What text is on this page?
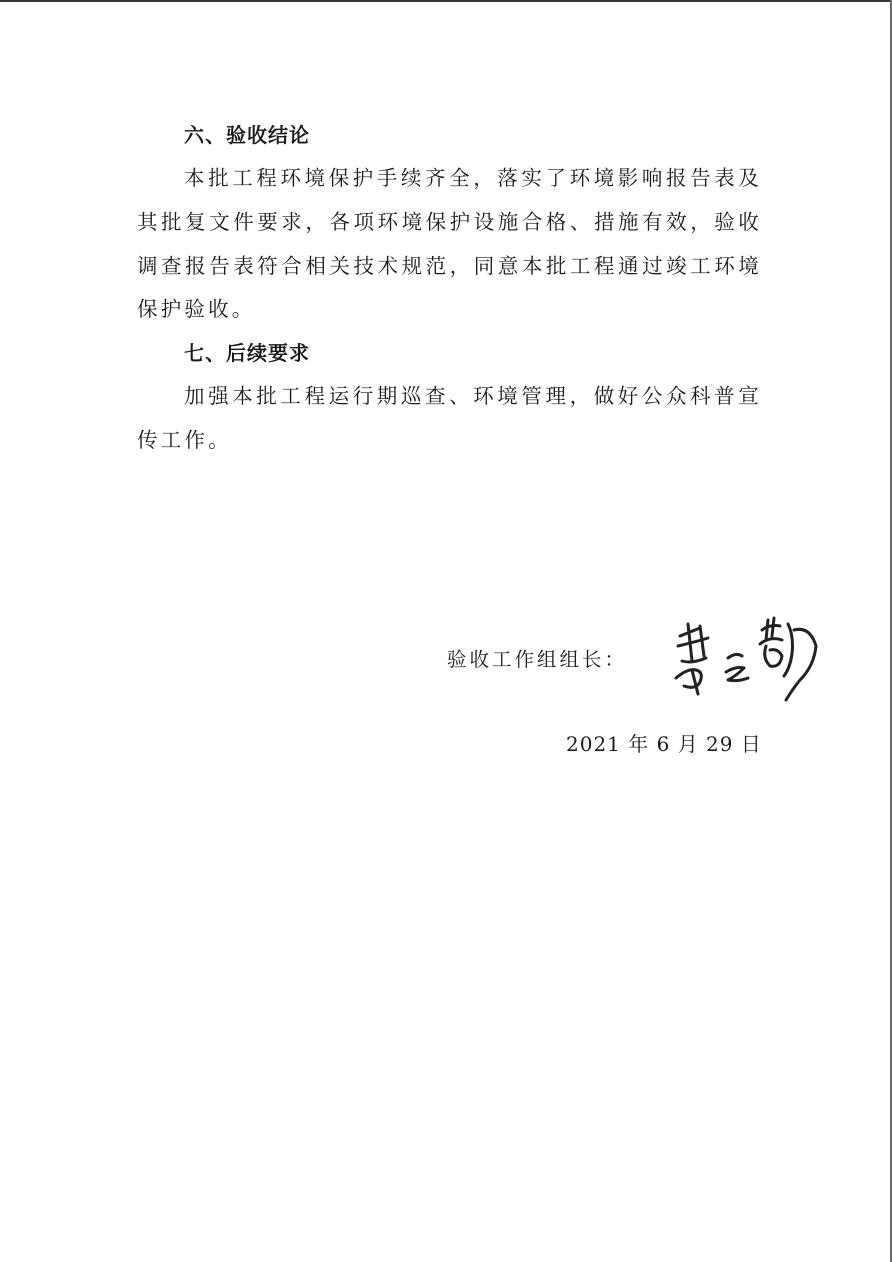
六、验收结论

本批工程环境保护手续齐全，落实了环境影响报告表及其批复文件要求，各项环境保护设施合格、措施有效，验收调查报告表符合相关技术规范，同意本批工程通过竣工环境保护验收。

七、后续要求

加强本批工程运行期巡查、环境管理，做好公众科普宣传工作。

验收工作组组长：
2021 年 6 月 29 日
